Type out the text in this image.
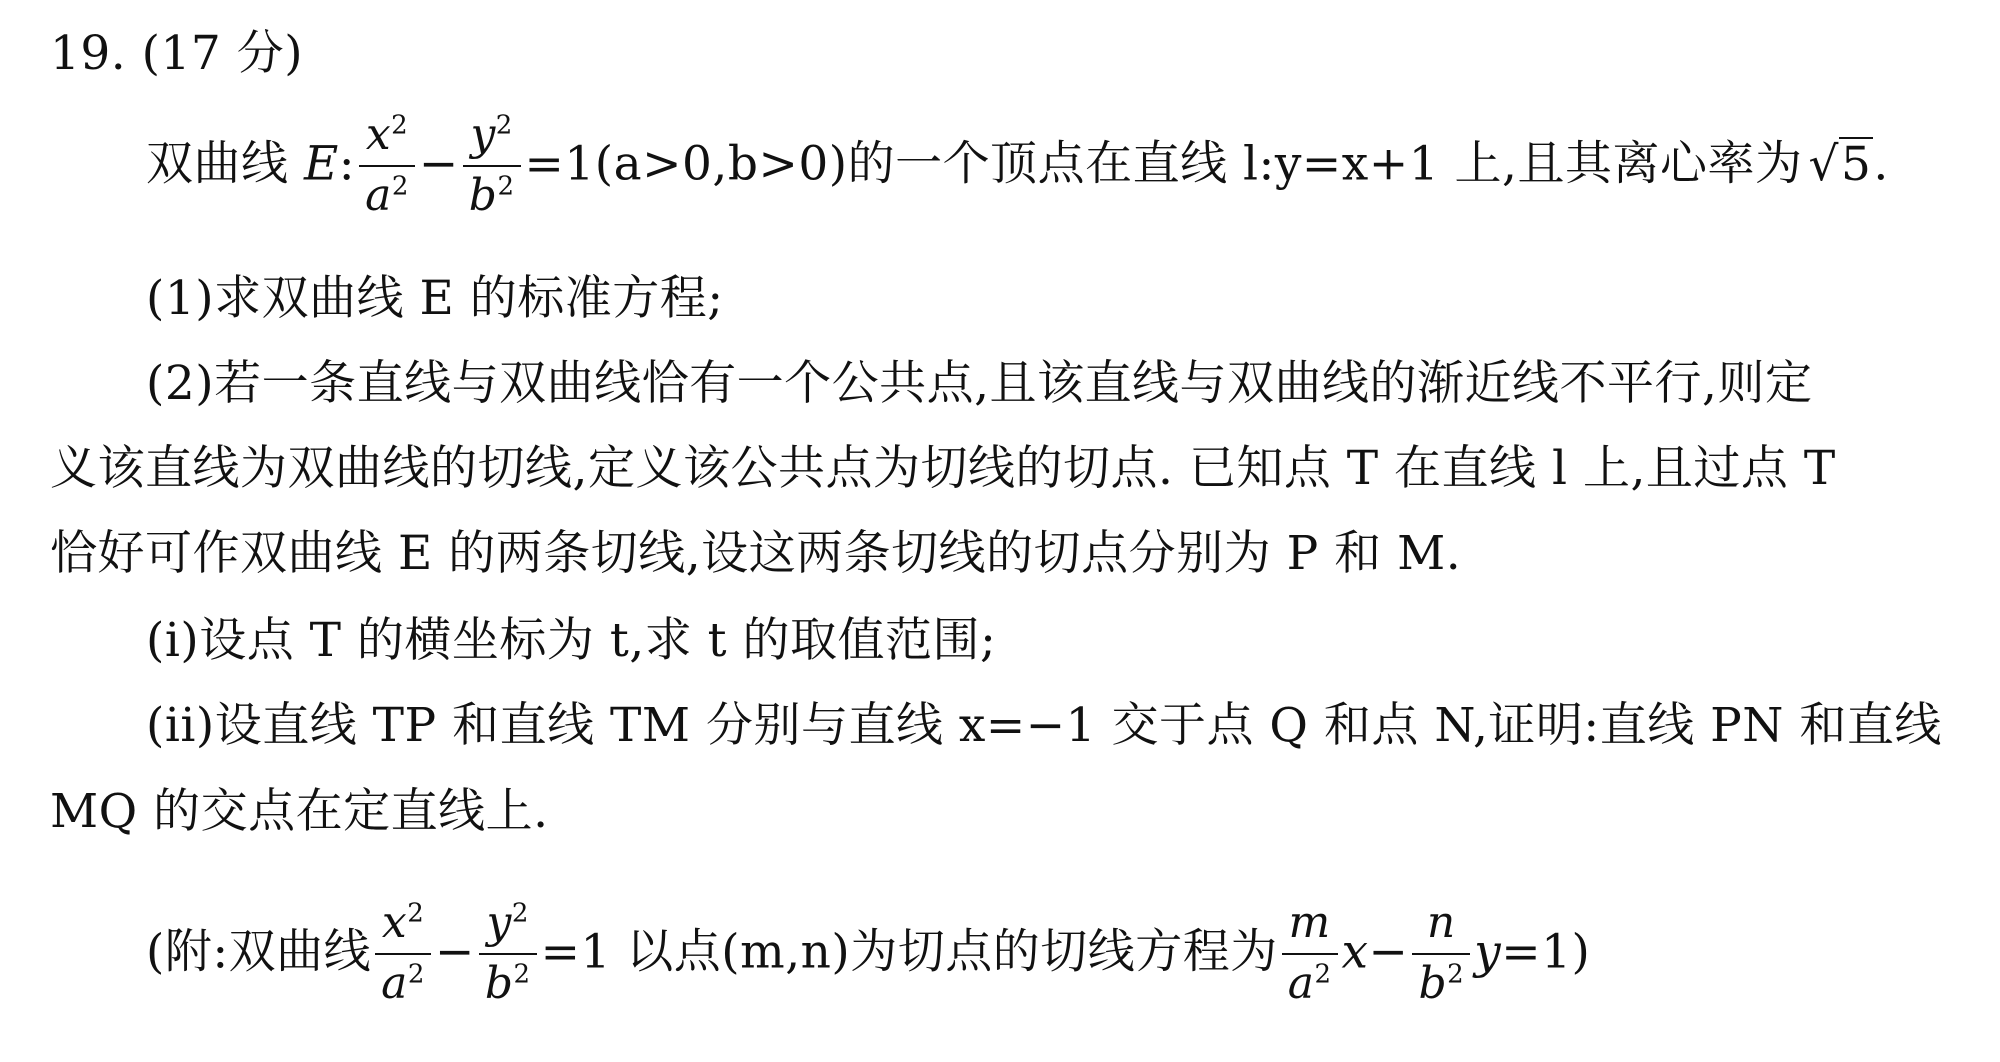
19. (17 分)
双曲线 E: $\frac{x^2}{a^2} - \frac{y^2}{b^2} =1(a>0,b>0)$的一个顶点在直线 l:y=x+1 上,且其离心率为 √5.
(1)求双曲线 E 的标准方程;
(2)若一条直线与双曲线恰有一个公共点,且该直线与双曲线的渐近线不平行,则定
义该直线为双曲线的切线,定义该公共点为切线的切点. 已知点 T 在直线 l 上,且过点 T
恰好可作双曲线 E 的两条切线,设这两条切线的切点分别为 P 和 M.
(i)设点 T 的横坐标为 t,求 t 的取值范围;
(ii)设直线 TP 和直线 TM 分别与直线 x=−1 交于点 Q 和点 N,证明:直线 PN 和直线
MQ 的交点在定直线上.
(附:双曲线 $\frac{x^2}{a^2} - \frac{y^2}{b^2} =1$ 以点(m,n)为切点的切线方程为 $\frac{m}{a^2} x- \frac{n}{b^2} y=1$)
